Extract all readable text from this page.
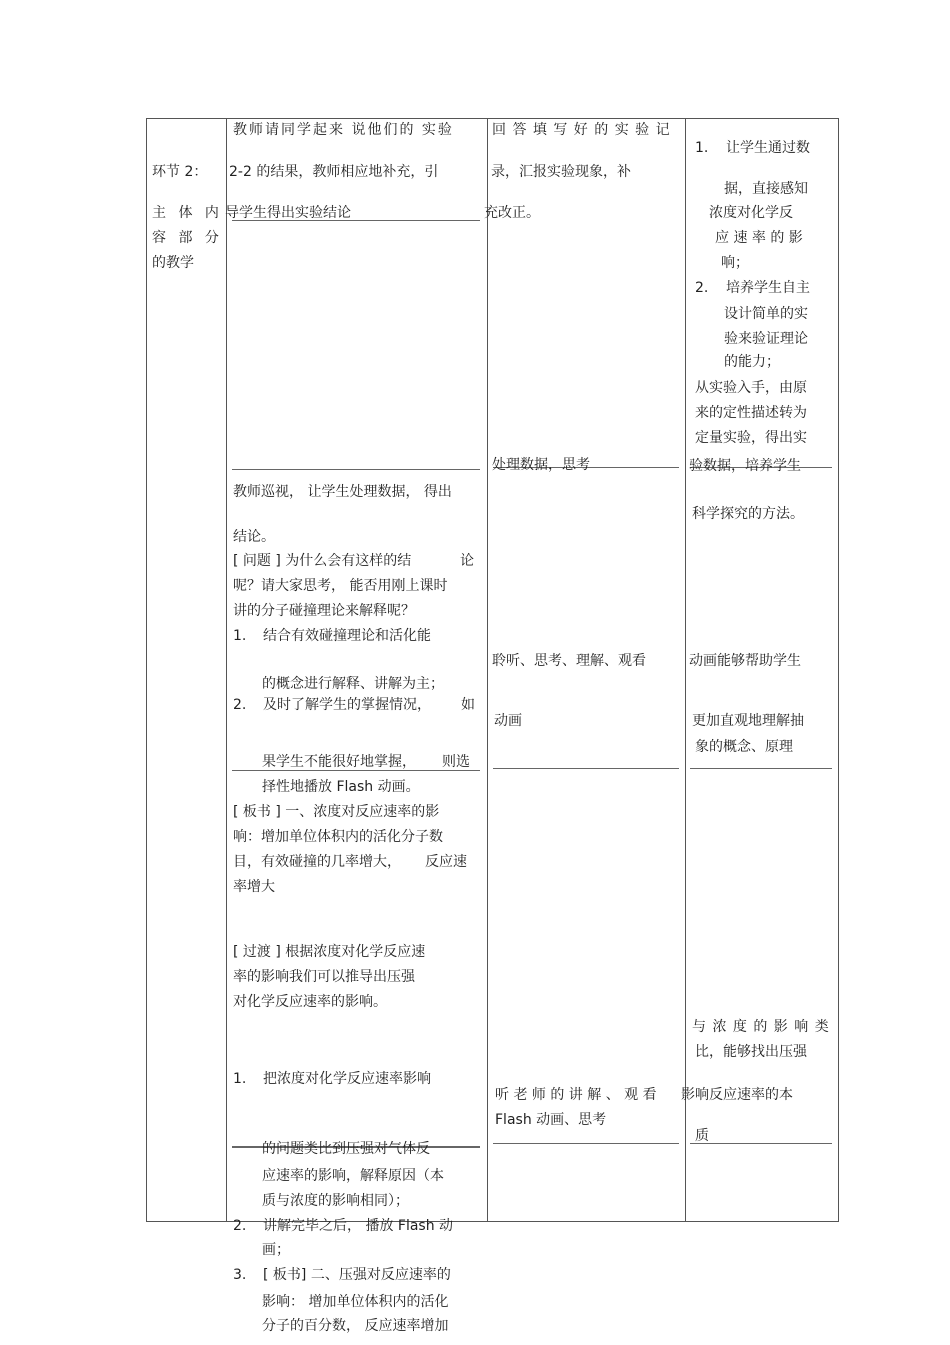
环节 2：
主 体 内
容 部 分
的教学
教师请同学起来 说他们的 实验
2-2 的结果，教师相应地补充，引
导学生得出实验结论
教师巡视， 让学生处理数据， 得出
结论。
[ 问题 ] 为什么会有这样的结	论
呢？请大家思考， 能否用刚上课时
讲的分子碰撞理论来解释呢？
1. 结合有效碰撞理论和活化能
的概念进行解释、讲解为主；
2. 及时了解学生的掌握情况， 如
果学生不能很好地掌握， 则选
择性地播放 Flash 动画。
[ 板书 ] 一、浓度对反应速率的影
响：增加单位体积内的活化分子数
目，有效碰撞的几率增大， 反应速
率增大
[ 过渡 ] 根据浓度对化学反应速
率的影响我们可以推导出压强
对化学反应速率的影响。
1. 把浓度对化学反应速率影响
的问题类比到压强对气体反
应速率的影响，解释原因（本
质与浓度的影响相同）；
2. 讲解完毕之后， 播放 Flash 动
画；
3. [ 板书] 二、压强对反应速率的
影响： 增加单位体积内的活化
分子的百分数， 反应速率增加
回 答 填 写 好 的 实 验 记
录，汇报实验现象，补
充改正。
处理数据，思考
聆听、思考、理解、观看
动画
听 老 师 的 讲 解 、 观 看
Flash 动画、思考
1. 让学生通过数
据，直接感知
浓度对化学反
应 速 率 的 影
响；
2. 培养学生自主
设计简单的实
验来验证理论
的能力；
从实验入手，由原
来的定性描述转为
定量实验，得出实
验数据，培养学生
科学探究的方法。
动画能够帮助学生
更加直观地理解抽
象的概念、原理
与 浓 度 的 影 响 类
比，能够找出压强
影响反应速率的本
质
